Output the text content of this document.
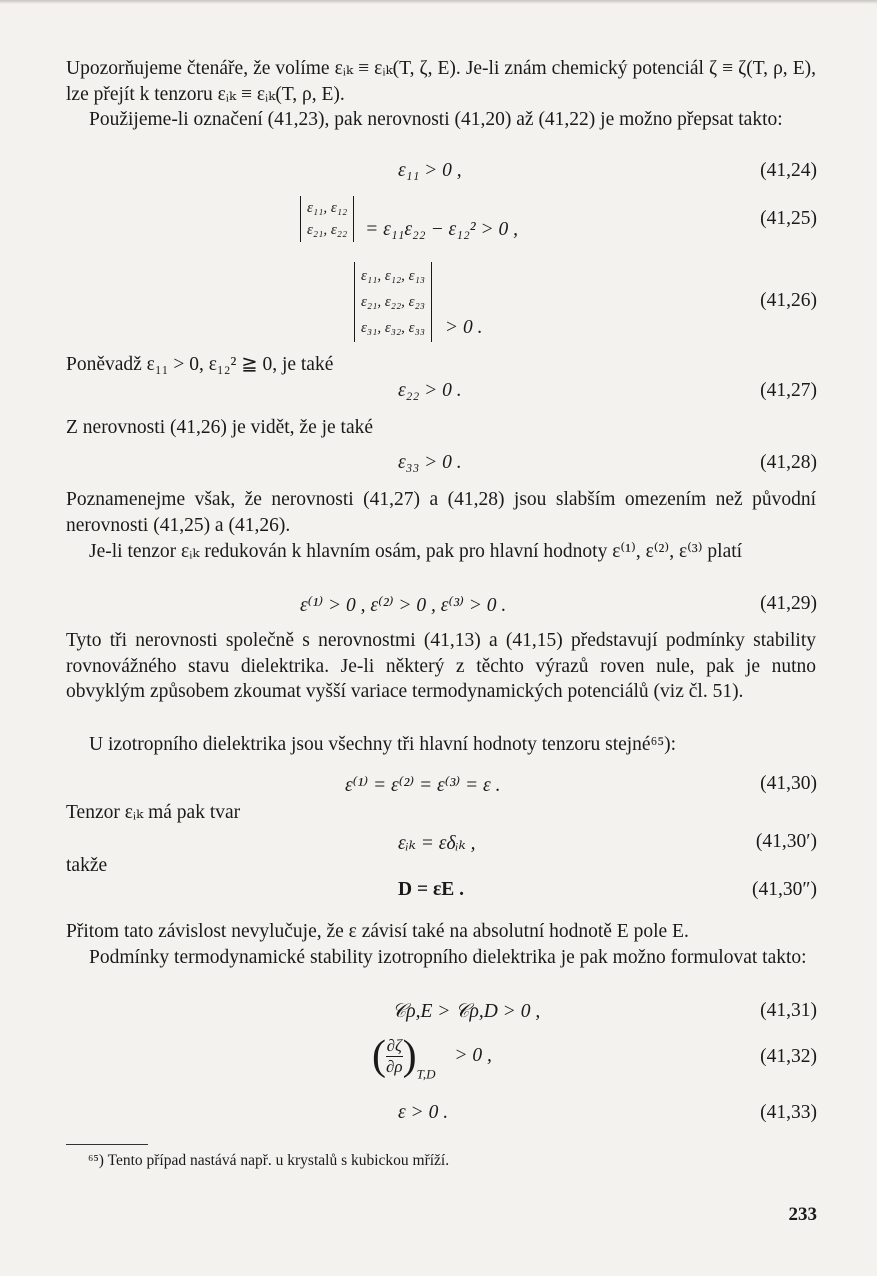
Upozorňujeme čtenáře, že volíme εᵢₖ ≡ εᵢₖ(T, ζ, E). Je-li znám chemický potenciál ζ ≡ ζ(T, ρ, E), lze přejít k tenzoru εᵢₖ ≡ εᵢₖ(T, ρ, E).
Použijeme-li označení (41,23), pak nerovnosti (41,20) až (41,22) je možno přepsat takto:
ε₁₁ > 0 ,	(41,24)
ε₁₁, ε₁₂
ε₂₁, ε₂₂ = ε₁₁ε₂₂ − ε₁₂² > 0 ,
(41,25)
ε₁₁, ε₁₂, ε₁₃
ε₂₁, ε₂₂, ε₂₃
ε₃₁, ε₃₂, ε₃₃ > 0 .
(41,26)
Poněvadž ε₁₁ > 0, ε₁₂² ≧ 0, je také
ε₂₂ > 0 .	(41,27)
Z nerovnosti (41,26) je vidět, že je také
ε₃₃ > 0 .	(41,28)
Poznamenejme však, že nerovnosti (41,27) a (41,28) jsou slabším omezením než původní nerovnosti (41,25) a (41,26).
Je-li tenzor εᵢₖ redukován k hlavním osám, pak pro hlavní hodnoty ε⁽¹⁾, ε⁽²⁾, ε⁽³⁾ platí
ε⁽¹⁾ > 0 , ε⁽²⁾ > 0 , ε⁽³⁾ > 0 .	(41,29)
Tyto tři nerovnosti společně s nerovnostmi (41,13) a (41,15) představují podmínky stability rovnovážného stavu dielektrika. Je-li některý z těchto výrazů roven nule, pak je nutno obvyklým způsobem zkoumat vyšší variace termodynamických potenciálů (viz čl. 51).
U izotropního dielektrika jsou všechny tři hlavní hodnoty tenzoru stejné⁶⁵):
ε⁽¹⁾ = ε⁽²⁾ = ε⁽³⁾ = ε .	(41,30)
Tenzor εᵢₖ má pak tvar
εᵢₖ = εδᵢₖ ,	(41,30′)
takže
D = εE .	(41,30″)
Přitom tato závislost nevylučuje, že ε závisí také na absolutní hodnotě E pole E.
Podmínky termodynamické stability izotropního dielektrika je pak možno formulovat takto:
𝒞ρ,E > 𝒞ρ,D > 0 ,	(41,31)
$(\frac{\partial\zeta}{\partial\rho} )_{T,D} > 0$ ,	(41,32)
ε > 0 .	(41,33)
⁶⁵) Tento případ nastává např. u krystalů s kubickou mříží.
233
